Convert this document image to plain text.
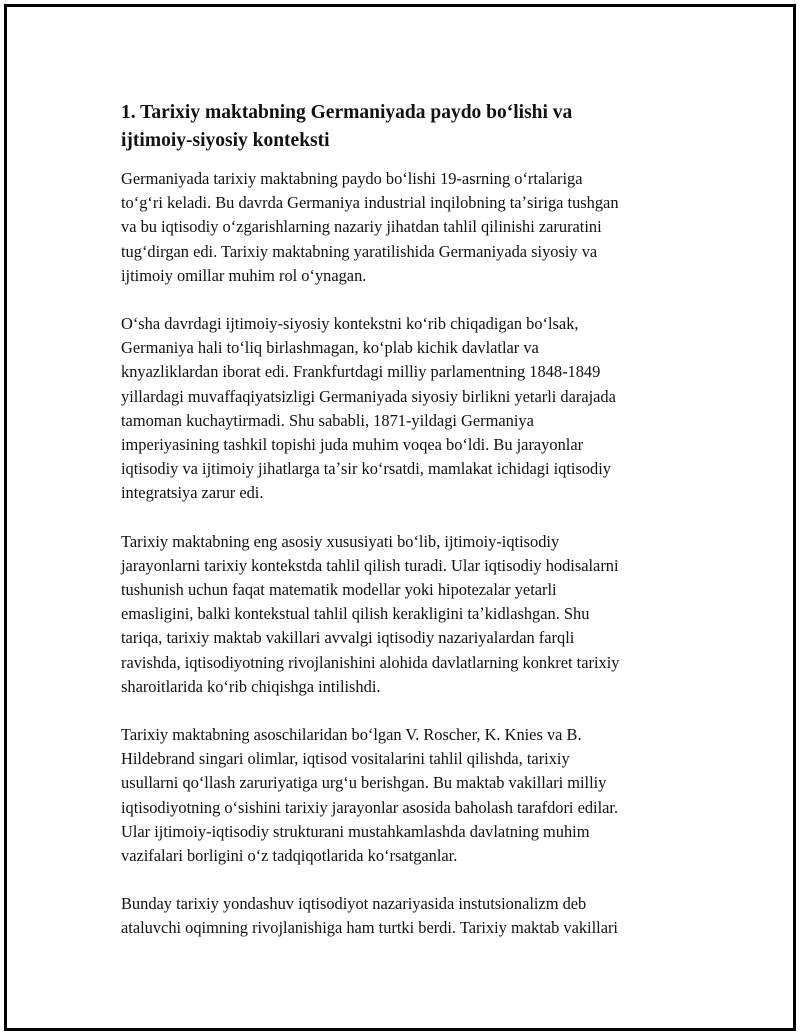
1. Tarixiy maktabning Germaniyada paydo boʻlishi va
ijtimoiy-siyosiy konteksti

Germaniyada tarixiy maktabning paydo boʻlishi 19-asrning oʻrtalariga
toʻgʻri keladi. Bu davrda Germaniya industrial inqilobning taʼsiriga tushgan
va bu iqtisodiy oʻzgarishlarning nazariy jihatdan tahlil qilinishi zaruratini
tugʻdirgan edi. Tarixiy maktabning yaratilishida Germaniyada siyosiy va
ijtimoiy omillar muhim rol oʻynagan.

Oʻsha davrdagi ijtimoiy-siyosiy kontekstni koʻrib chiqadigan boʻlsak,
Germaniya hali toʻliq birlashmagan, koʻplab kichik davlatlar va
knyazliklardan iborat edi. Frankfurtdagi milliy parlamentning 1848-1849
yillardagi muvaffaqiyatsizligi Germaniyada siyosiy birlikni yetarli darajada
tamoman kuchaytirmadi. Shu sababli, 1871-yildagi Germaniya
imperiyasining tashkil topishi juda muhim voqea boʻldi. Bu jarayonlar
iqtisodiy va ijtimoiy jihatlarga taʼsir koʻrsatdi, mamlakat ichidagi iqtisodiy
integratsiya zarur edi.

Tarixiy maktabning eng asosiy xususiyati boʻlib, ijtimoiy-iqtisodiy
jarayonlarni tarixiy kontekstda tahlil qilish turadi. Ular iqtisodiy hodisalarni
tushunish uchun faqat matematik modellar yoki hipotezalar yetarli
emasligini, balki kontekstual tahlil qilish kerakligini taʼkidlashgan. Shu
tariqa, tarixiy maktab vakillari avvalgi iqtisodiy nazariyalardan farqli
ravishda, iqtisodiyotning rivojlanishini alohida davlatlarning konkret tarixiy
sharoitlarida koʻrib chiqishga intilishdi.

Tarixiy maktabning asoschilaridan boʻlgan V. Roscher, K. Knies va B.
Hildebrand singari olimlar, iqtisod vositalarini tahlil qilishda, tarixiy
usullarni qoʻllash zaruriyatiga urgʻu berishgan. Bu maktab vakillari milliy
iqtisodiyotning oʻsishini tarixiy jarayonlar asosida baholash tarafdori edilar.
Ular ijtimoiy-iqtisodiy strukturani mustahkamlashda davlatning muhim
vazifalari borligini oʻz tadqiqotlarida koʻrsatganlar.

Bunday tarixiy yondashuv iqtisodiyot nazariyasida instutsionalizm deb
ataluvchi oqimning rivojlanishiga ham turtki berdi. Tarixiy maktab vakillari
